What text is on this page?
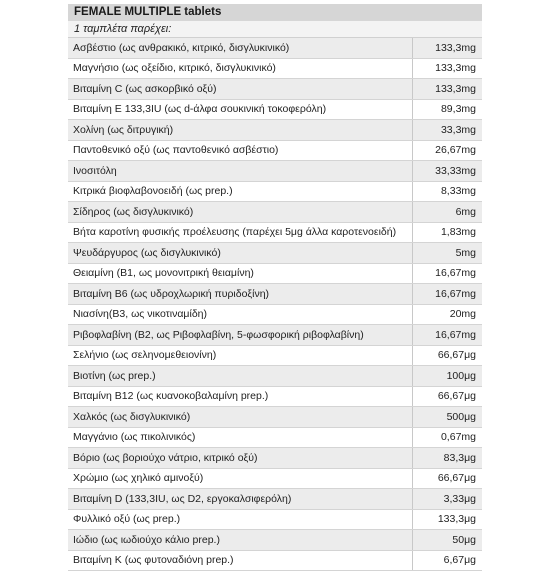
FEMALE MULTIPLE tablets
1 ταμπλέτα παρέχει:
Ασβέστιο (ως ανθρακικό, κιτρικό, δισγλυκινικό)	133,3mg
Μαγνήσιο (ως οξείδιο, κιτρικό, δισγλυκινικό)	133,3mg
Βιταμίνη C (ως ασκορβικό οξύ)	133,3mg
Βιταμίνη E 133,3IU (ως d-άλφα σουκινική τοκοφερόλη)	89,3mg
Χολίνη (ως διτρυγική)	33,3mg
Παντοθενικό οξύ (ως παντοθενικό ασβέστιο)	26,67mg
Ινοσιτόλη	33,33mg
Κιτρικά βιοφλαβονοειδή (ως prep.)	8,33mg
Σίδηρος (ως δισγλυκινικό)	6mg
Βήτα καροτίνη φυσικής προέλευσης (παρέχει 5μg άλλα καροτενοειδή)	1,83mg
Ψευδάργυρος (ως δισγλυκινικό)	5mg
Θειαμίνη (Β1, ως μονονιτρική θειαμίνη)	16,67mg
Βιταμίνη Β6 (ως υδροχλωρική πυριδοξίνη)	16,67mg
Νιασίνη(Β3, ως νικοτιναμίδη)	20mg
Ριβοφλαβίνη (Β2, ως Ριβοφλαβίνη, 5-φωσφορική ριβοφλαβίνη)	16,67mg
Σελήνιο (ως σελην​ομεθειονίνη)	66,67μg
Βιοτίνη (ως prep.)	100μg
Βιταμίνη Β12 (ως κυανοκοβαλαμίνη prep.)	66,67μg
Χαλκός (ως δισγλυκινικό)	500μg
Μαγγάνιο (ως πικολινικός)	0,67mg
Βόριο (ως βοριούχο νάτριο, κιτρικό οξύ)	83,3μg
Χρώμιο (ως χηλικό αμινοξύ)	66,67μg
Βιταμίνη D (133,3IU, ως D2, εργοκαλσιφερόλη)	3,33μg
Φυλλικό οξύ (ως prep.)	133,3μg
Ιώδιο (ως ιωδιούχο κάλιο prep.)	50μg
Βιταμίνη K (ως φυτοναδιόνη prep.)	6,67μg
